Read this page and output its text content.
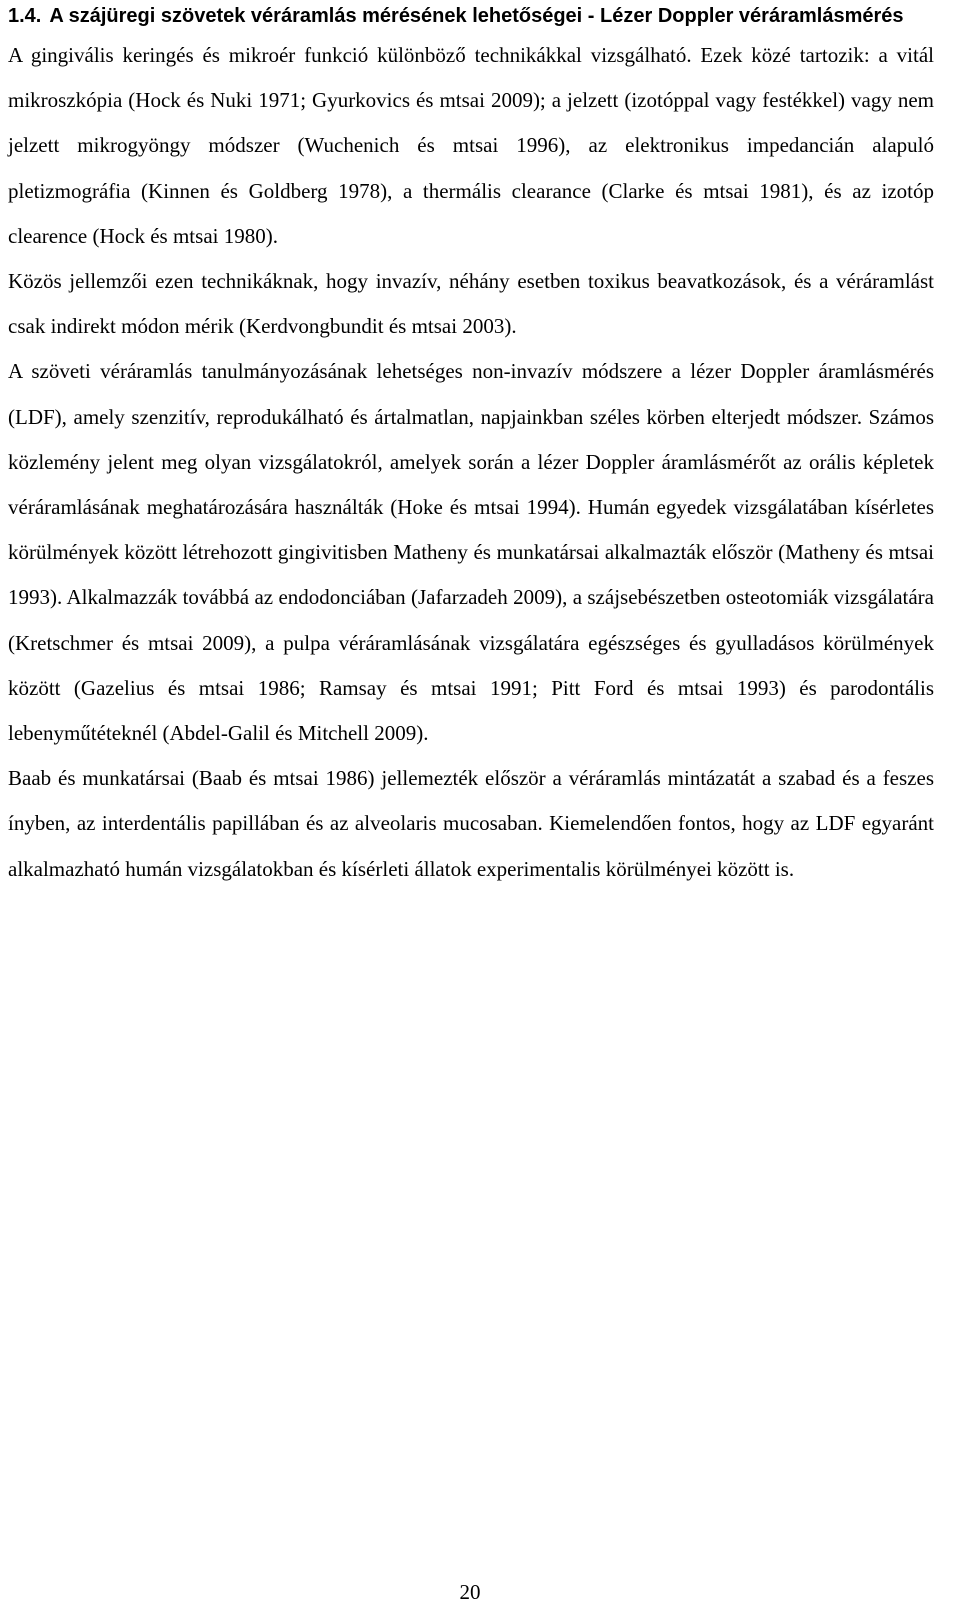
1.4. A szájüregi szövetek véráramlás mérésének lehetőségei - Lézer Doppler véráramlásmérés

A gingivális keringés és mikroér funkció különböző technikákkal vizsgálható. Ezek közé tartozik: a vitál mikroszkópia (Hock és Nuki 1971; Gyurkovics és mtsai 2009); a jelzett (izotóppal vagy festékkel) vagy nem jelzett mikrogyöngy módszer (Wuchenich és mtsai 1996), az elektronikus impedancián alapuló pletizmográfia (Kinnen és Goldberg 1978), a thermális clearance (Clarke és mtsai 1981), és az izotóp clearence (Hock és mtsai 1980).

Közös jellemzői ezen technikáknak, hogy invazív, néhány esetben toxikus beavatkozások, és a véráramlást csak indirekt módon mérik (Kerdvongbundit és mtsai 2003).

A szöveti véráramlás tanulmányozásának lehetséges non-invazív módszere a lézer Doppler áramlásmérés (LDF), amely szenzitív, reprodukálható és ártalmatlan, napjainkban széles körben elterjedt módszer. Számos közlemény jelent meg olyan vizsgálatokról, amelyek során a lézer Doppler áramlásmérőt az orális képletek véráramlásának meghatározására használták (Hoke és mtsai 1994). Humán egyedek vizsgálatában kísérletes körülmények között létrehozott gingivitisben Matheny és munkatársai alkalmazták először (Matheny és mtsai 1993). Alkalmazzák továbbá az endodonciában (Jafarzadeh 2009), a szájsebészetben osteotomiák vizsgálatára (Kretschmer és mtsai 2009), a pulpa véráramlásának vizsgálatára egészséges és gyulladásos körülmények között (Gazelius és mtsai 1986; Ramsay és mtsai 1991; Pitt Ford és mtsai 1993) és parodontális lebenyműtéteknél (Abdel-Galil és Mitchell 2009).

Baab és munkatársai (Baab és mtsai 1986) jellemezték először a véráramlás mintázatát a szabad és a feszes ínyben, az interdentális papillában és az alveolaris mucosaban. Kiemelendően fontos, hogy az LDF egyaránt alkalmazható humán vizsgálatokban és kísérleti állatok experimentalis körülményei között is.

20
